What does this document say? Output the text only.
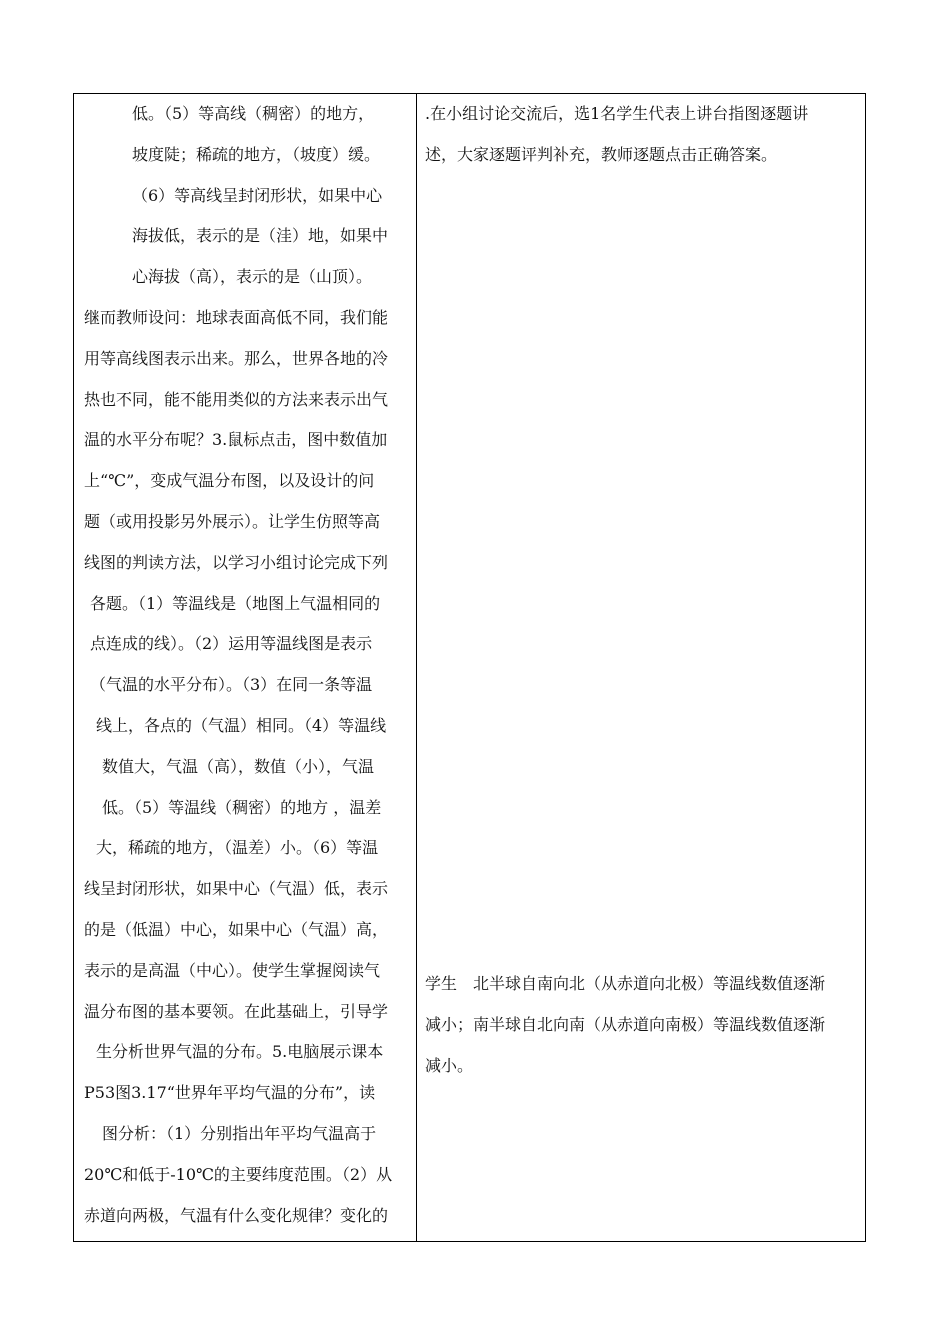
低。（5）等高线（稠密）的地方，
坡度陡；稀疏的地方，（坡度）缓。
（6）等高线呈封闭形状，如果中心
海拔低，表示的是（洼）地，如果中
心海拔（高），表示的是（山顶）。
继而教师设问：地球表面高低不同，我们能
用等高线图表示出来。那么，世界各地的冷
热也不同，能不能用类似的方法来表示出气
温的水平分布呢？3.鼠标点击，图中数值加
上“℃”，变成气温分布图，以及设计的问
题（或用投影另外展示）。让学生仿照等高
线图的判读方法，以学习小组讨论完成下列
各题。（1）等温线是（地图上气温相同的
点连成的线）。（2）运用等温线图是表示
（气温的水平分布）。（3）在同一条等温
线上，各点的（气温）相同。（4）等温线
数值大，气温（高），数值（小），气温
低。（5）等温线（稠密）的地方 ，温差
大，稀疏的地方，（温差）小。（6）等温
线呈封闭形状，如果中心（气温）低，表示
的是（低温）中心，如果中心（气温）高，
表示的是高温（中心）。使学生掌握阅读气
温分布图的基本要领。在此基础上，引导学
生分析世界气温的分布。5.电脑展示课本
P53图3.17“世界年平均气温的分布”，读
图分析：（1）分别指出年平均气温高于
20℃和低于-10℃的主要纬度范围。（2）从
赤道向两极，气温有什么变化规律？变化的
.在小组讨论交流后，选1名学生代表上讲台指图逐题讲
述，大家逐题评判补充，教师逐题点击正确答案。
学生　北半球自南向北（从赤道向北极）等温线数值逐渐
减小；南半球自北向南（从赤道向南极）等温线数值逐渐
减小。
